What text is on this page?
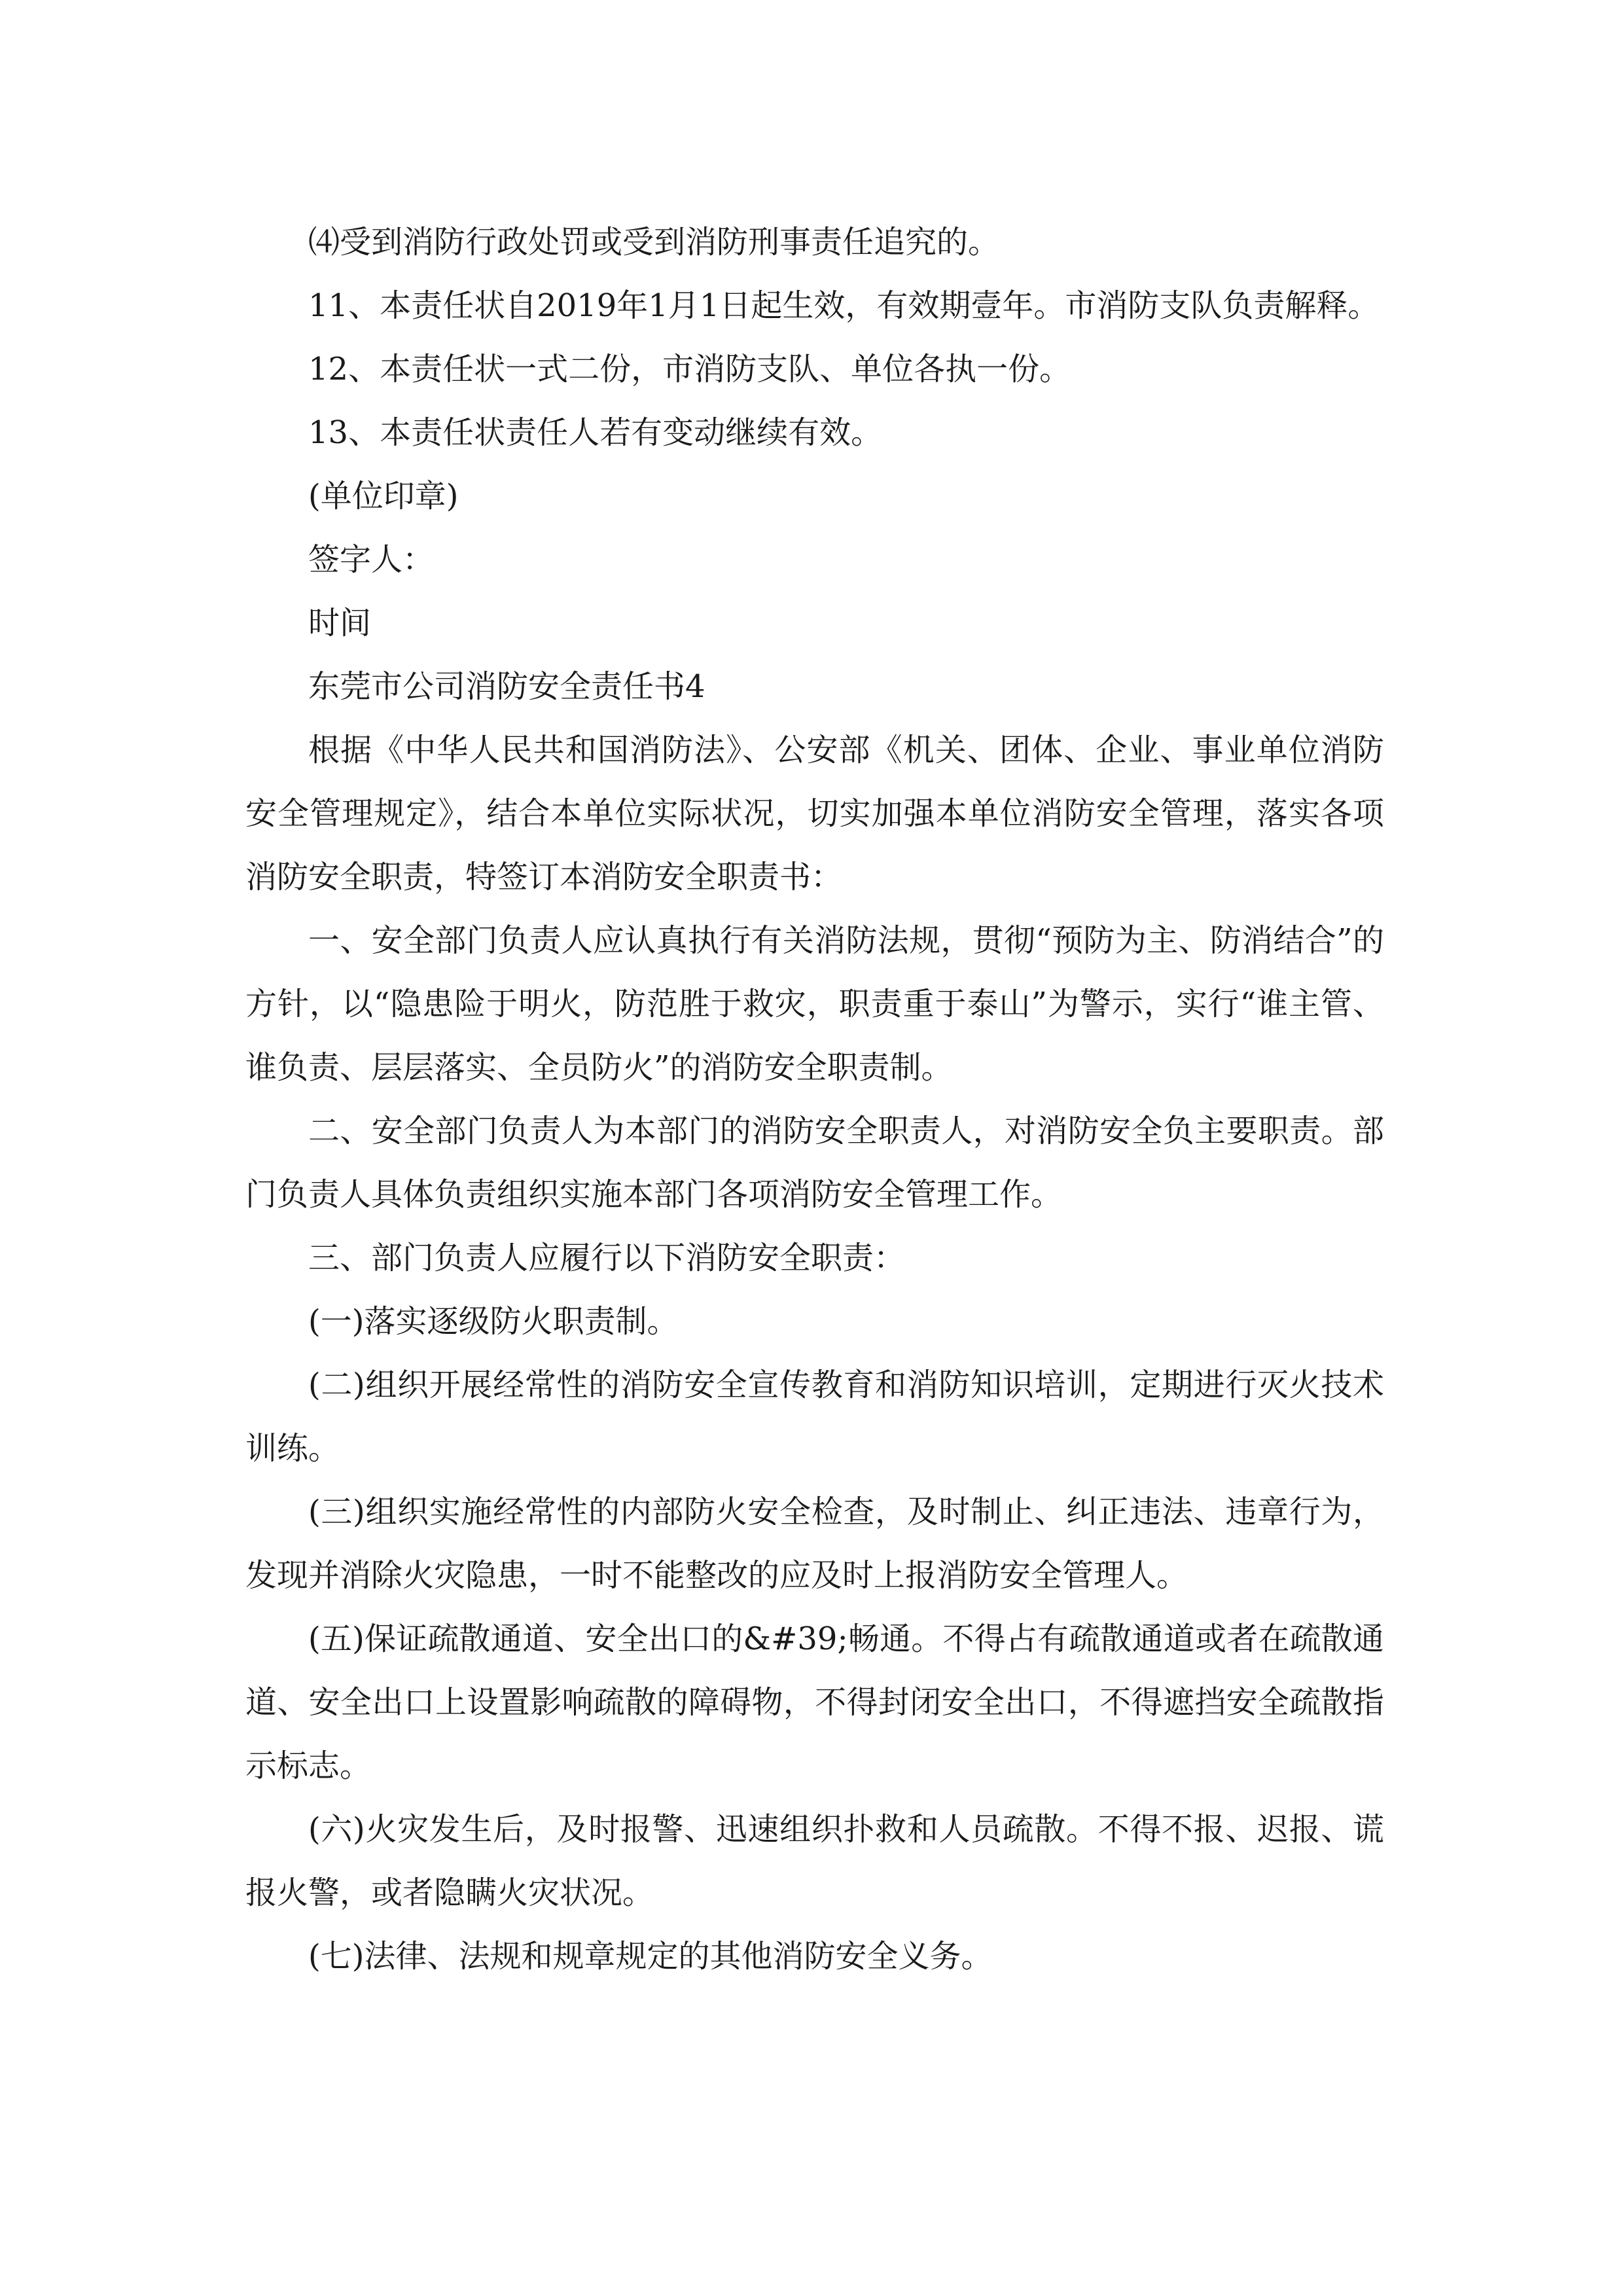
⑷受到消防行政处罚或受到消防刑事责任追究的。

11、本责任状自2019年1月1日起生效，有效期壹年。市消防支队负责解释。

12、本责任状一式二份，市消防支队、单位各执一份。

13、本责任状责任人若有变动继续有效。

(单位印章)

签字人：

时间

东莞市公司消防安全责任书4

根据《中华人民共和国消防法》、公安部《机关、团体、企业、事业单位消防安全管理规定》，结合本单位实际状况，切实加强本单位消防安全管理，落实各项消防安全职责，特签订本消防安全职责书：

一、安全部门负责人应认真执行有关消防法规，贯彻“预防为主、防消结合”的方针，以“隐患险于明火，防范胜于救灾，职责重于泰山”为警示，实行“谁主管、谁负责、层层落实、全员防火”的消防安全职责制。

二、安全部门负责人为本部门的消防安全职责人，对消防安全负主要职责。部门负责人具体负责组织实施本部门各项消防安全管理工作。

三、部门负责人应履行以下消防安全职责：

(一)落实逐级防火职责制。

(二)组织开展经常性的消防安全宣传教育和消防知识培训，定期进行灭火技术训练。

(三)组织实施经常性的内部防火安全检查，及时制止、纠正违法、违章行为，发现并消除火灾隐患，一时不能整改的应及时上报消防安全管理人。

(五)保证疏散通道、安全出口的&#39;畅通。不得占有疏散通道或者在疏散通道、安全出口上设置影响疏散的障碍物，不得封闭安全出口，不得遮挡安全疏散指示标志。

(六)火灾发生后，及时报警、迅速组织扑救和人员疏散。不得不报、迟报、谎报火警，或者隐瞒火灾状况。

(七)法律、法规和规章规定的其他消防安全义务。
